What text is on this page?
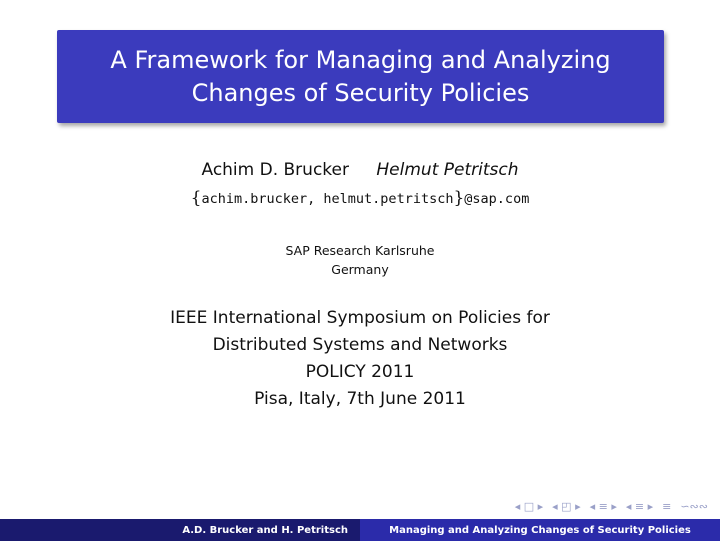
A Framework for Managing and Analyzing
Changes of Security Policies
Achim D. Brucker Helmut Petritsch
{achim.brucker, helmut.petritsch}@sap.com
SAP Research Karlsruhe
Germany
IEEE International Symposium on Policies for
Distributed Systems and Networks
POLICY 2011
Pisa, Italy, 7th June 2011
◂ □ ▸ ◂ ◰ ▸ ◂ ≡ ▸ ◂ ≡ ▸ ≡ ∽∾∾
A.D. Brucker and H. Petritsch	Managing and Analyzing Changes of Security Policies
